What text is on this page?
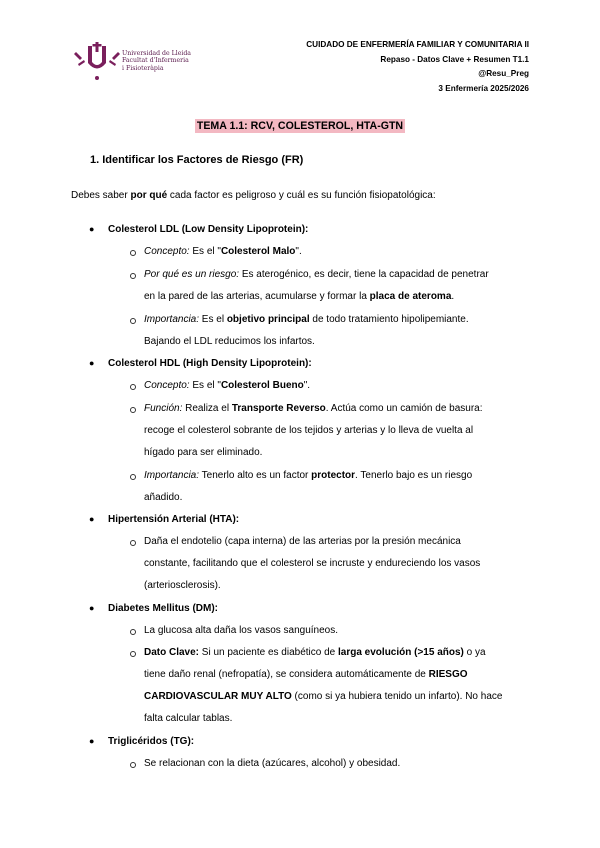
Universidad de Lleida
Facultat d'Infermeria
i Fisioteràpia
CUIDADO DE ENFERMERÍA FAMILIAR Y COMUNITARIA II
Repaso - Datos Clave + Resumen T1.1
@Resu_Preg
3 Enfermería 2025/2026
TEMA 1.1: RCV, COLESTEROL, HTA-GTN
1. Identificar los Factores de Riesgo (FR)
Debes saber por qué cada factor es peligroso y cuál es su función fisiopatológica:
● Colesterol LDL (Low Density Lipoprotein):
Concepto: Es el "Colesterol Malo".
Por qué es un riesgo: Es aterogénico, es decir, tiene la capacidad de penetrar
en la pared de las arterias, acumularse y formar la placa de ateroma.
Importancia: Es el objetivo principal de todo tratamiento hipolipemiante.
Bajando el LDL reducimos los infartos.
● Colesterol HDL (High Density Lipoprotein):
Concepto: Es el "Colesterol Bueno".
Función: Realiza el Transporte Reverso. Actúa como un camión de basura:
recoge el colesterol sobrante de los tejidos y arterias y lo lleva de vuelta al
hígado para ser eliminado.
Importancia: Tenerlo alto es un factor protector. Tenerlo bajo es un riesgo
añadido.
● Hipertensión Arterial (HTA):
Daña el endotelio (capa interna) de las arterias por la presión mecánica
constante, facilitando que el colesterol se incruste y endureciendo los vasos
(arteriosclerosis).
● Diabetes Mellitus (DM):
La glucosa alta daña los vasos sanguíneos.
Dato Clave: Si un paciente es diabético de larga evolución (>15 años) o ya
tiene daño renal (nefropatía), se considera automáticamente de RIESGO
CARDIOVASCULAR MUY ALTO (como si ya hubiera tenido un infarto). No hace
falta calcular tablas.
● Triglicéridos (TG):
Se relacionan con la dieta (azúcares, alcohol) y obesidad.
